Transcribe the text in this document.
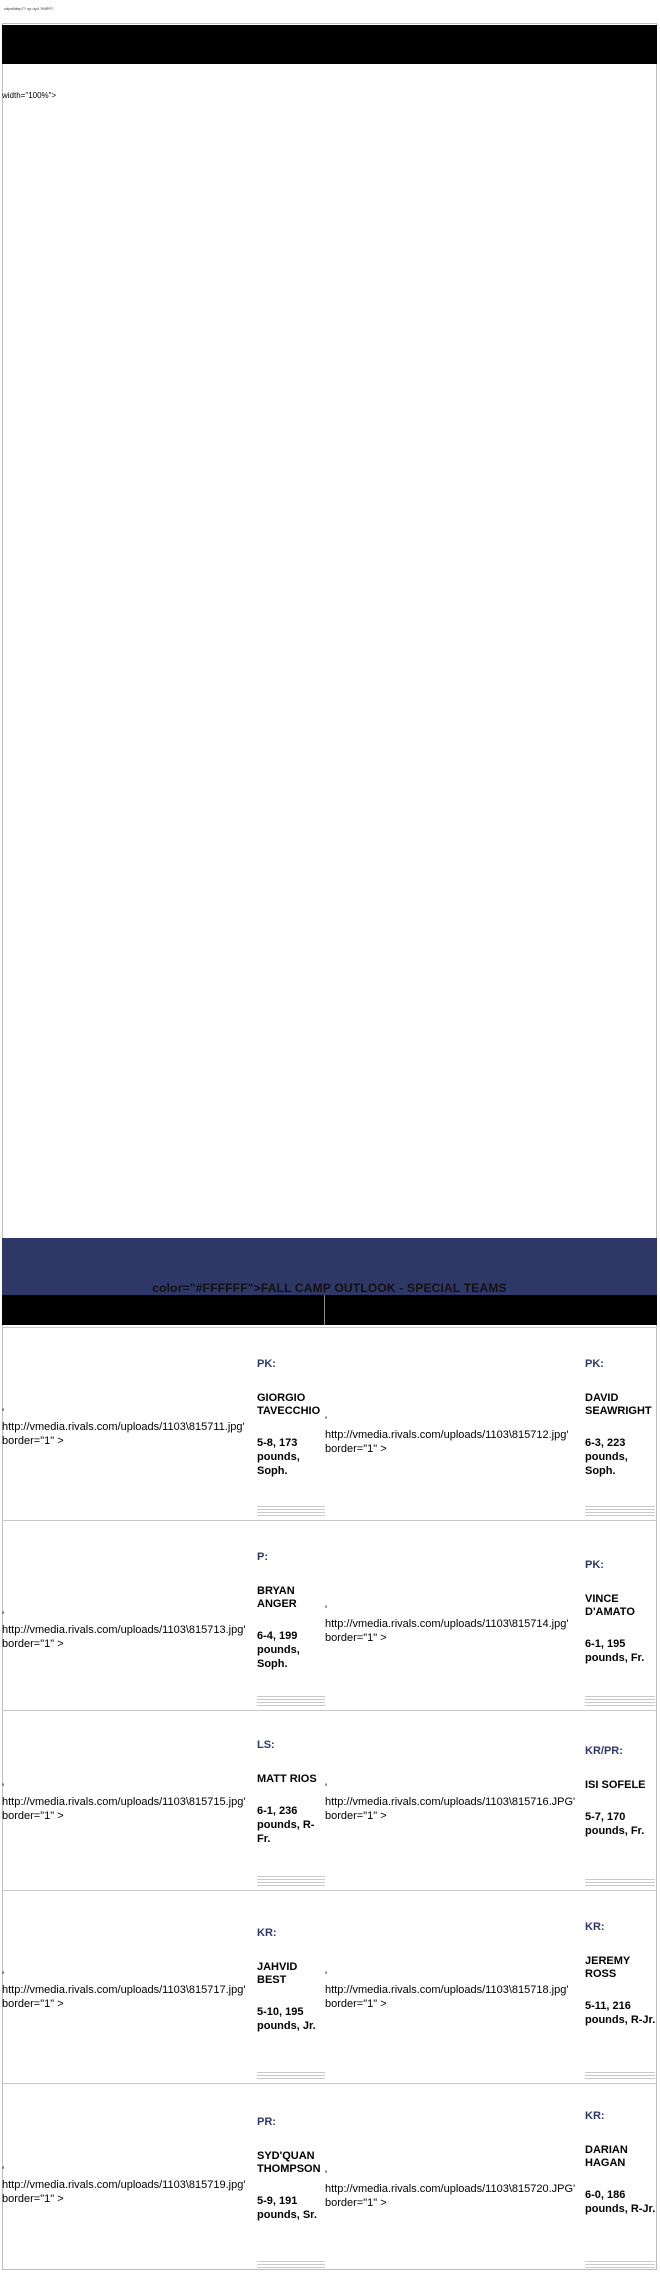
cdpe8dep7? cp dy4 ?MRP?
width="100%">
color="#FFFFFF">FALL CAMP OUTLOOK - SPECIAL TEAMS
'
http://vmedia.rivals.com/uploads/1103\815711.jpg'
border="1" >
PK:
GIORGIO TAVECCHIO
5-8, 173 pounds, Soph.
'
http://vmedia.rivals.com/uploads/1103\815712.jpg'
border="1" >
PK:
DAVID SEAWRIGHT
6-3, 223 pounds, Soph.
'
http://vmedia.rivals.com/uploads/1103\815713.jpg'
border="1" >
P:
BRYAN ANGER
6-4, 199 pounds, Soph.
'
http://vmedia.rivals.com/uploads/1103\815714.jpg'
border="1" >
PK:
VINCE D'AMATO
6-1, 195 pounds, Fr.
'
http://vmedia.rivals.com/uploads/1103\815715.jpg'
border="1" >
LS:
MATT RIOS
6-1, 236 pounds, R-Fr.
'
http://vmedia.rivals.com/uploads/1103\815716.JPG'
border="1" >
KR/PR:
ISI SOFELE
5-7, 170 pounds, Fr.
'
http://vmedia.rivals.com/uploads/1103\815717.jpg'
border="1" >
KR:
JAHVID BEST
5-10, 195 pounds, Jr.
'
http://vmedia.rivals.com/uploads/1103\815718.jpg'
border="1" >
KR:
JEREMY ROSS
5-11, 216 pounds, R-Jr.
'
http://vmedia.rivals.com/uploads/1103\815719.jpg'
border="1" >
PR:
SYD'QUAN THOMPSON
5-9, 191 pounds, Sr.
'
http://vmedia.rivals.com/uploads/1103\815720.JPG'
border="1" >
KR:
DARIAN HAGAN
6-0, 186 pounds, R-Jr.
